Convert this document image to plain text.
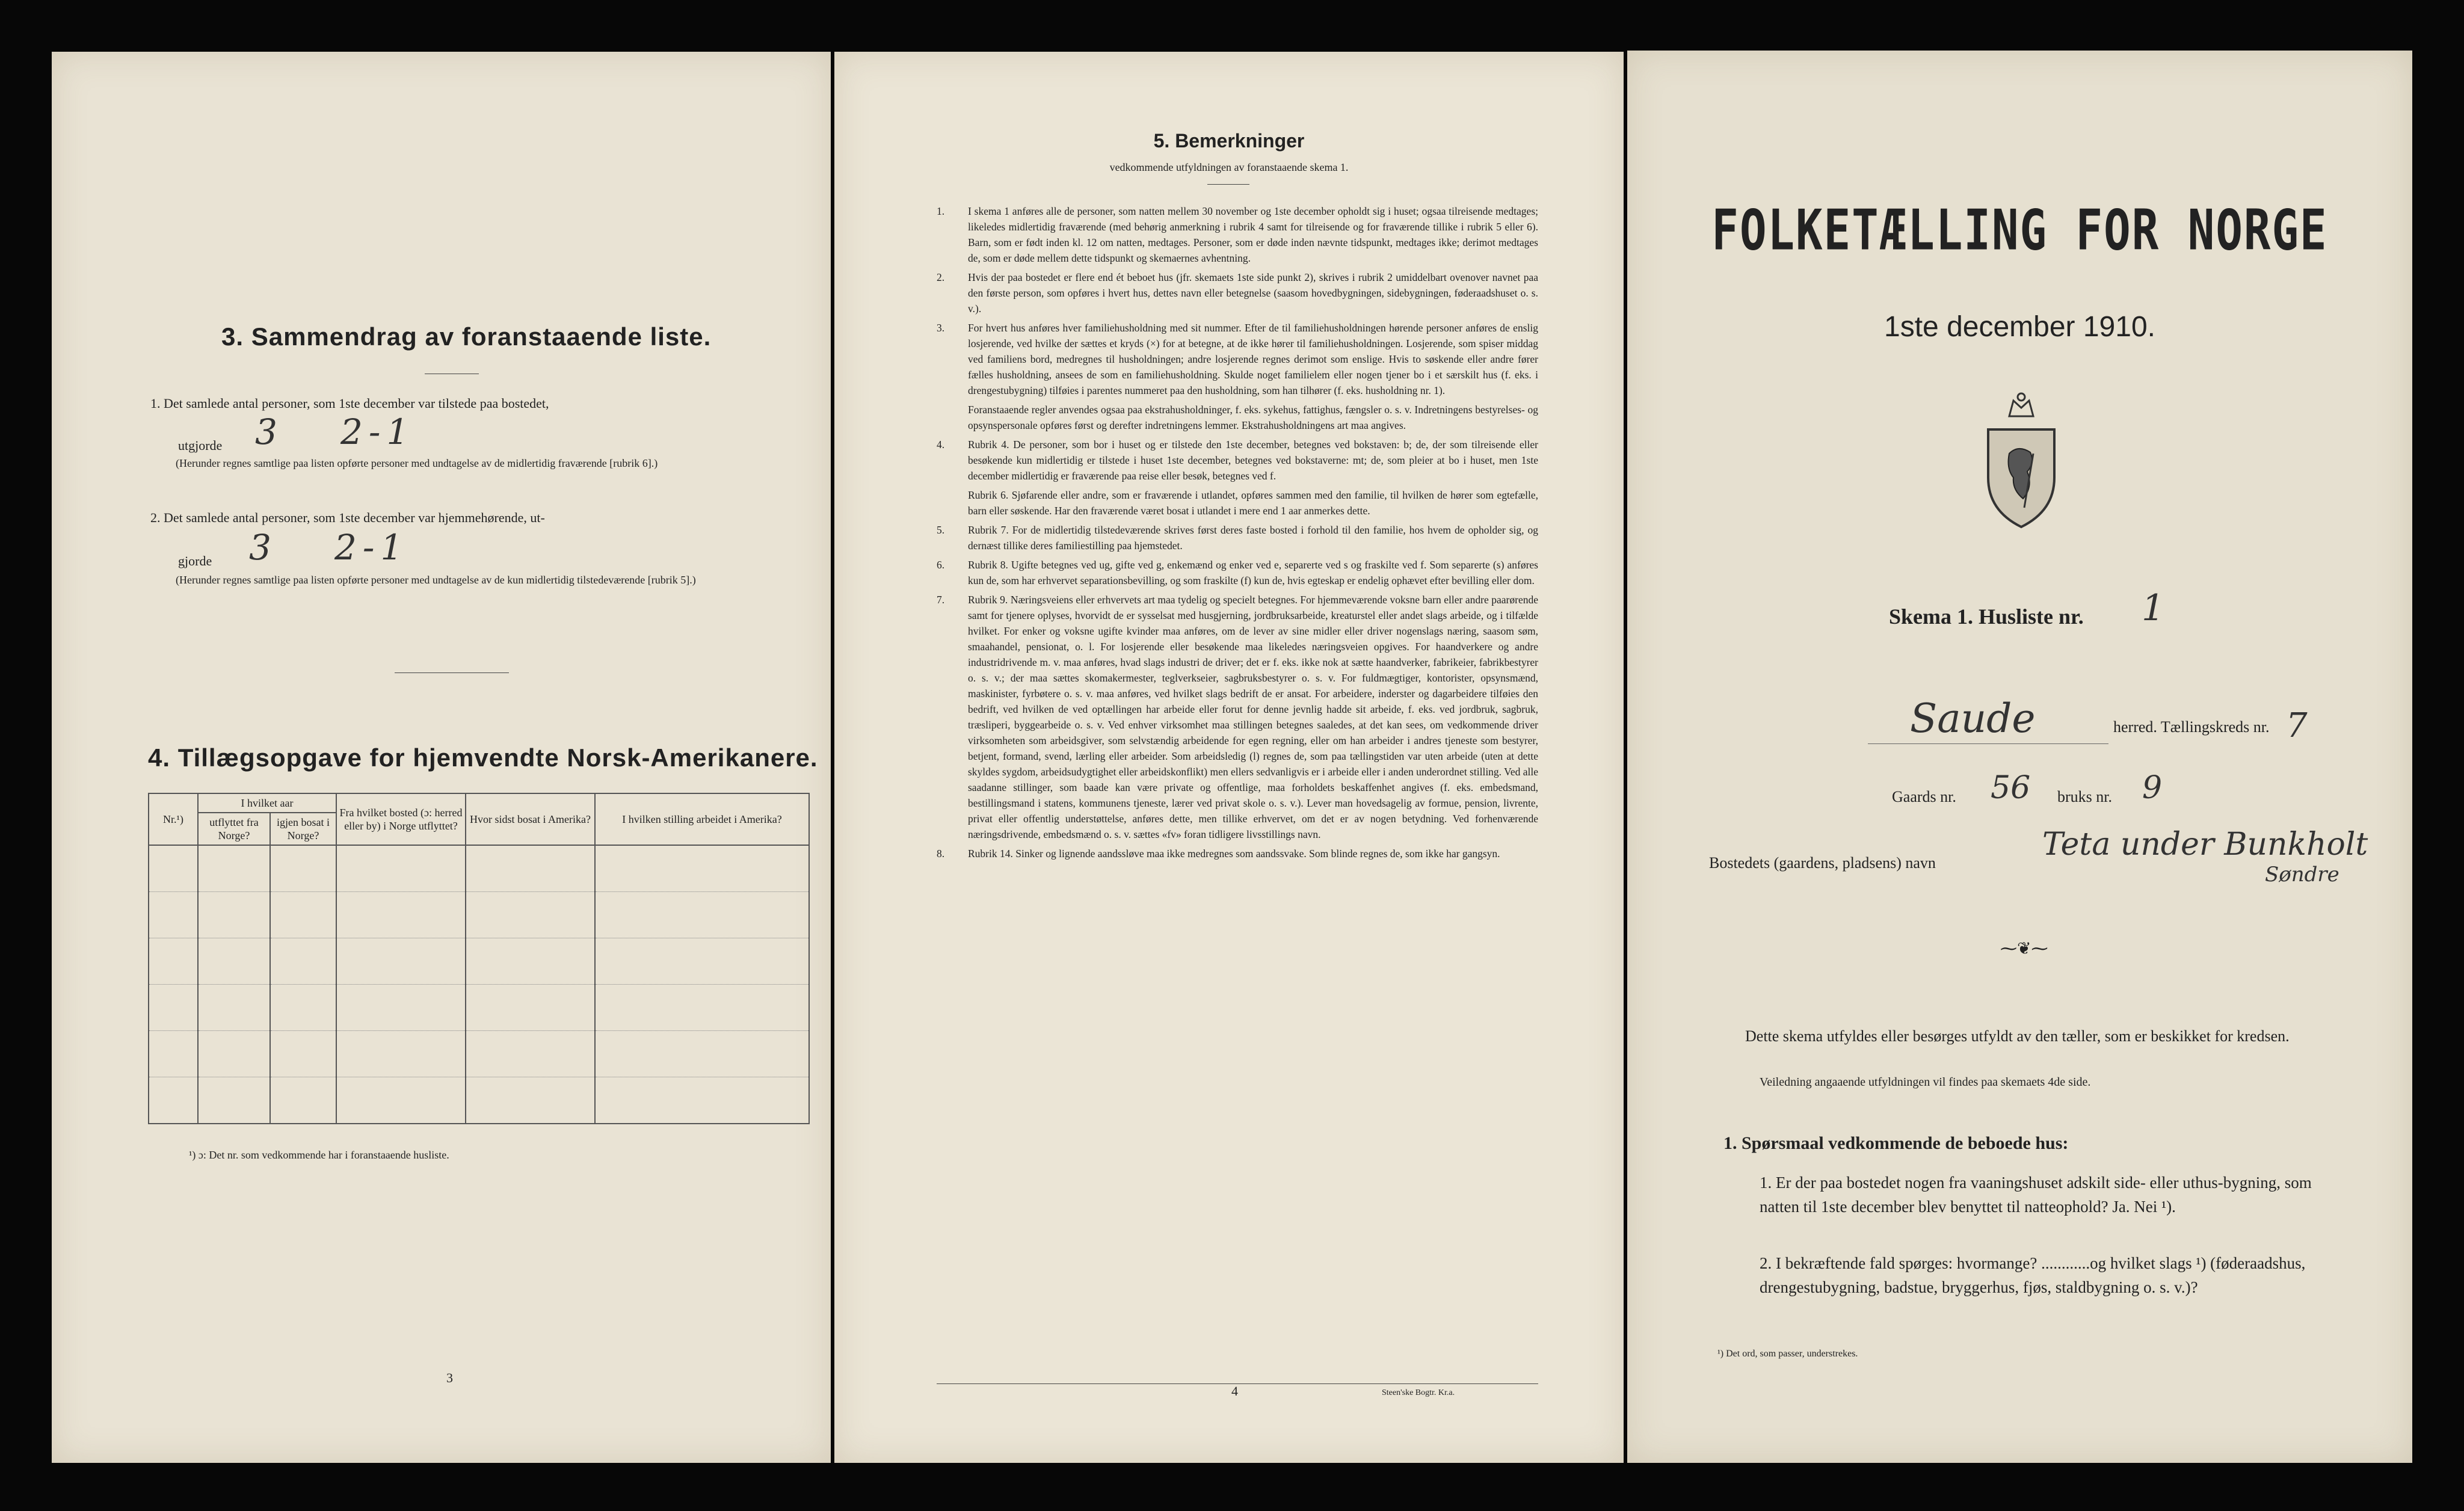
3. Sammendrag av foranstaaende liste.
1. Det samlede antal personer, som 1ste december var tilstede paa bostedet,
utgjorde 3 2-1
(Herunder regnes samtlige paa listen opførte personer med undtagelse av de midlertidig fraværende [rubrik 6].)
2. Det samlede antal personer, som 1ste december var hjemmehørende, ut-
gjorde 3 2-1
(Herunder regnes samtlige paa listen opførte personer med undtagelse av de kun midlertidig tilstedeværende [rubrik 5].)
4. Tillægsopgave for hjemvendte Norsk-Amerikanere.
Nr.¹)	I hvilket aar		Fra hvilket bosted (ɔ: herred eller by) i Norge utflyttet?	Hvor sidst bosat i Amerika?	I hvilken stilling arbeidet i Amerika?
	utflyttet fra Norge?	igjen bosat i Norge?			

¹) ɔ: Det nr. som vedkommende har i foranstaaende husliste.
3
5. Bemerkninger
vedkommende utfyldningen av foranstaaende skema 1.
1. I skema 1 anføres alle de personer, som natten mellem 30 november og 1ste december opholdt sig i huset; ogsaa tilreisende medtages; likeledes midlertidig fraværende (med behørig anmerkning i rubrik 4 samt for tilreisende og for fraværende tillike i rubrik 5 eller 6). Barn, som er født inden kl. 12 om natten, medtages. Personer, som er døde inden nævnte tidspunkt, medtages ikke; derimot medtages de, som er døde mellem dette tidspunkt og skemaernes avhentning.
2. Hvis der paa bostedet er flere end ét beboet hus (jfr. skemaets 1ste side punkt 2), skrives i rubrik 2 umiddelbart ovenover navnet paa den første person, som opføres i hvert hus, dettes navn eller betegnelse (saasom hovedbygningen, sidebygningen, føderaadshuset o. s. v.).
3. For hvert hus anføres hver familiehusholdning med sit nummer. Efter de til familiehusholdningen hørende personer anføres de enslig losjerende, ved hvilke der sættes et kryds (×) for at betegne, at de ikke hører til familiehusholdningen. Losjerende, som spiser middag ved familiens bord, medregnes til husholdningen; andre losjerende regnes derimot som enslige. Hvis to søskende eller andre fører fælles husholdning, ansees de som en familiehusholdning. Skulde noget familielem eller nogen tjener bo i et særskilt hus (f. eks. i drengestubygning) tilføies i parentes nummeret paa den husholdning, som han tilhører (f. eks. husholdning nr. 1).
Foranstaaende regler anvendes ogsaa paa ekstrahusholdninger, f. eks. sykehus, fattighus, fængsler o. s. v. Indretningens bestyrelses- og opsynspersonale opføres først og derefter indretningens lemmer. Ekstrahusholdningens art maa angives.
4. Rubrik 4. De personer, som bor i huset og er tilstede den 1ste december, betegnes ved bokstaven: b; de, der som tilreisende eller besøkende kun midlertidig er tilstede i huset 1ste december, betegnes ved bokstaverne: mt; de, som pleier at bo i huset, men 1ste december midlertidig er fraværende paa reise eller besøk, betegnes ved f.
Rubrik 6. Sjøfarende eller andre, som er fraværende i utlandet, opføres sammen med den familie, til hvilken de hører som egtefælle, barn eller søskende. Har den fraværende været bosat i utlandet i mere end 1 aar anmerkes dette.
5. Rubrik 7. For de midlertidig tilstedeværende skrives først deres faste bosted i forhold til den familie, hos hvem de opholder sig, og dernæst tillike deres familiestilling paa hjemstedet.
6. Rubrik 8. Ugifte betegnes ved ug, gifte ved g, enkemænd og enker ved e, separerte ved s og fraskilte ved f. Som separerte (s) anføres kun de, som har erhvervet separationsbevilling, og som fraskilte (f) kun de, hvis egteskap er endelig ophævet efter bevilling eller dom.
7. Rubrik 9. Næringsveiens eller erhvervets art maa tydelig og specielt betegnes. For hjemmeværende voksne barn eller andre paarørende samt for tjenere oplyses, hvorvidt de er sysselsat med husgjerning, jordbruksarbeide, kreaturstel eller andet slags arbeide, og i tilfælde hvilket. For enker og voksne ugifte kvinder maa anføres, om de lever av sine midler eller driver nogenslags næring, saasom søm, smaahandel, pensionat, o. l. For losjerende eller besøkende maa likeledes næringsveien opgives. For haandverkere og andre industridrivende m. v. maa anføres, hvad slags industri de driver; det er f. eks. ikke nok at sætte haandverker, fabrikeier, fabrikbestyrer o. s. v.; der maa sættes skomakermester, teglverkseier, sagbruksbestyrer o. s. v. For fuldmægtiger, kontorister, opsynsmænd, maskinister, fyrbøtere o. s. v. maa anføres, ved hvilket slags bedrift de er ansat. For arbeidere, inderster og dagarbeidere tilføies den bedrift, ved hvilken de ved optællingen har arbeide eller forut for denne jevnlig hadde sit arbeide, f. eks. ved jordbruk, sagbruk, træsliperi, byggearbeide o. s. v. Ved enhver virksomhet maa stillingen betegnes saaledes, at det kan sees, om vedkommende driver virksomheten som arbeidsgiver, som selvstændig arbeidende for egen regning, eller om han arbeider i andres tjeneste som bestyrer, betjent, formand, svend, lærling eller arbeider. Som arbeidsledig (l) regnes de, som paa tællingstiden var uten arbeide (uten at dette skyldes sygdom, arbeidsudygtighet eller arbeidskonflikt) men ellers sedvanligvis er i arbeide eller i anden underordnet stilling. Ved alle saadanne stillinger, som baade kan være private og offentlige, maa forholdets beskaffenhet angives (f. eks. embedsmand, bestillingsmand i statens, kommunens tjeneste, lærer ved privat skole o. s. v.). Lever man hovedsagelig av formue, pension, livrente, privat eller offentlig understøttelse, anføres dette, men tillike erhvervet, om det er av nogen betydning. Ved forhenværende næringsdrivende, embedsmænd o. s. v. sættes «fv» foran tidligere livsstillings navn.
8. Rubrik 14. Sinker og lignende aandssløve maa ikke medregnes som aandssvake. Som blinde regnes de, som ikke har gangsyn.
4	Steen'ske Bogtr. Kr.a.
FOLKETÆLLING FOR NORGE
1ste december 1910.
Skema 1. Husliste nr. 1
Saude	herred. Tællingskreds nr. 7
Gaards nr. 56 bruks nr. 9
Bostedets (gaardens, pladsens) navn
Teta under Bunkholt
Søndre
⁓❦⁓
Dette skema utfyldes eller besørges utfyldt av den tæller, som er beskikket for kredsen.
Veiledning angaaende utfyldningen vil findes paa skemaets 4de side.
1. Spørsmaal vedkommende de beboede hus:
1. Er der paa bostedet nogen fra vaaningshuset adskilt side- eller uthus-bygning, som natten til 1ste december blev benyttet til natteophold? Ja. Nei ¹).
2. I bekræftende fald spørges: hvormange? ............og hvilket slags ¹) (føderaadshus, drengestubygning, badstue, bryggerhus, fjøs, staldbygning o. s. v.)?
¹) Det ord, som passer, understrekes.
